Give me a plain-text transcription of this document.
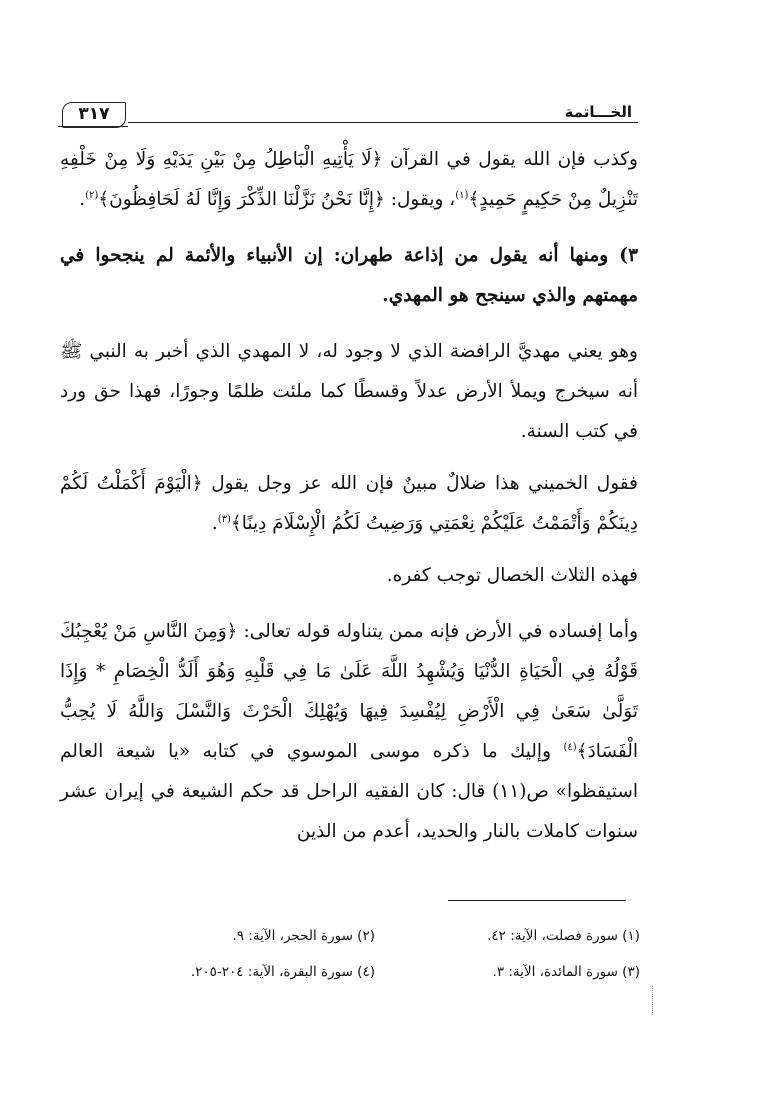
٣١٧	الخـــاتمة

وكذب فإن الله يقول في القرآن ﴿لَا يَأْتِيهِ الْبَاطِلُ مِنْ بَيْنِ يَدَيْهِ وَلَا مِنْ خَلْفِهِ تَنْزِيلٌ مِنْ حَكِيمٍ حَمِيدٍ﴾$^{(١)}$، ويقول: ﴿إِنَّا نَحْنُ نَزَّلْنَا الذِّكْرَ وَإِنَّا لَهُ لَحَافِظُونَ﴾$^{(٢)}$.

٣) ومنها أنه يقول من إذاعة طهران: إن الأنبياء والأئمة لم ينجحوا في مهمتهم والذي سينجح هو المهدي.

وهو يعني مهديَّ الرافضة الذي لا وجود له، لا المهدي الذي أخبر به النبي ﷺ أنه سيخرج ويملأ الأرض عدلاً وقسطًا كما ملئت ظلمًا وجورًا، فهذا حق ورد في كتب السنة.

فقول الخميني هذا ضلالٌ مبينٌ فإن الله عز وجل يقول ﴿الْيَوْمَ أَكْمَلْتُ لَكُمْ دِينَكُمْ وَأَتْمَمْتُ عَلَيْكُمْ نِعْمَتِي وَرَضِيتُ لَكُمُ الْإِسْلَامَ دِينًا﴾$^{(٣)}$.

فهذه الثلاث الخصال توجب كفره.

وأما إفساده في الأرض فإنه ممن يتناوله قوله تعالى: ﴿وَمِنَ النَّاسِ مَنْ يُعْجِبُكَ قَوْلُهُ فِي الْحَيَاةِ الدُّنْيَا وَيُشْهِدُ اللَّهَ عَلَىٰ مَا فِي قَلْبِهِ وَهُوَ أَلَدُّ الْخِصَامِ * وَإِذَا تَوَلَّىٰ سَعَىٰ فِي الْأَرْضِ لِيُفْسِدَ فِيهَا وَيُهْلِكَ الْحَرْثَ وَالنَّسْلَ وَاللَّهُ لَا يُحِبُّ الْفَسَادَ﴾$^{(٤)}$ وإليك ما ذكره موسى الموسوي في كتابه «يا شيعة العالم استيقظوا» ص(١١) قال: كان الفقيه الراحل قد حكم الشيعة في إيران عشر سنوات كاملات بالنار والحديد، أعدم من الذين

(١) سورة فصلت، الآية: ٤٢.
(٢) سورة الحجر، الآية: ٩.
(٣) سورة المائدة، الآية: ٣.
(٤) سورة البقرة، الآية: ٢٠٤-٢٠٥.
